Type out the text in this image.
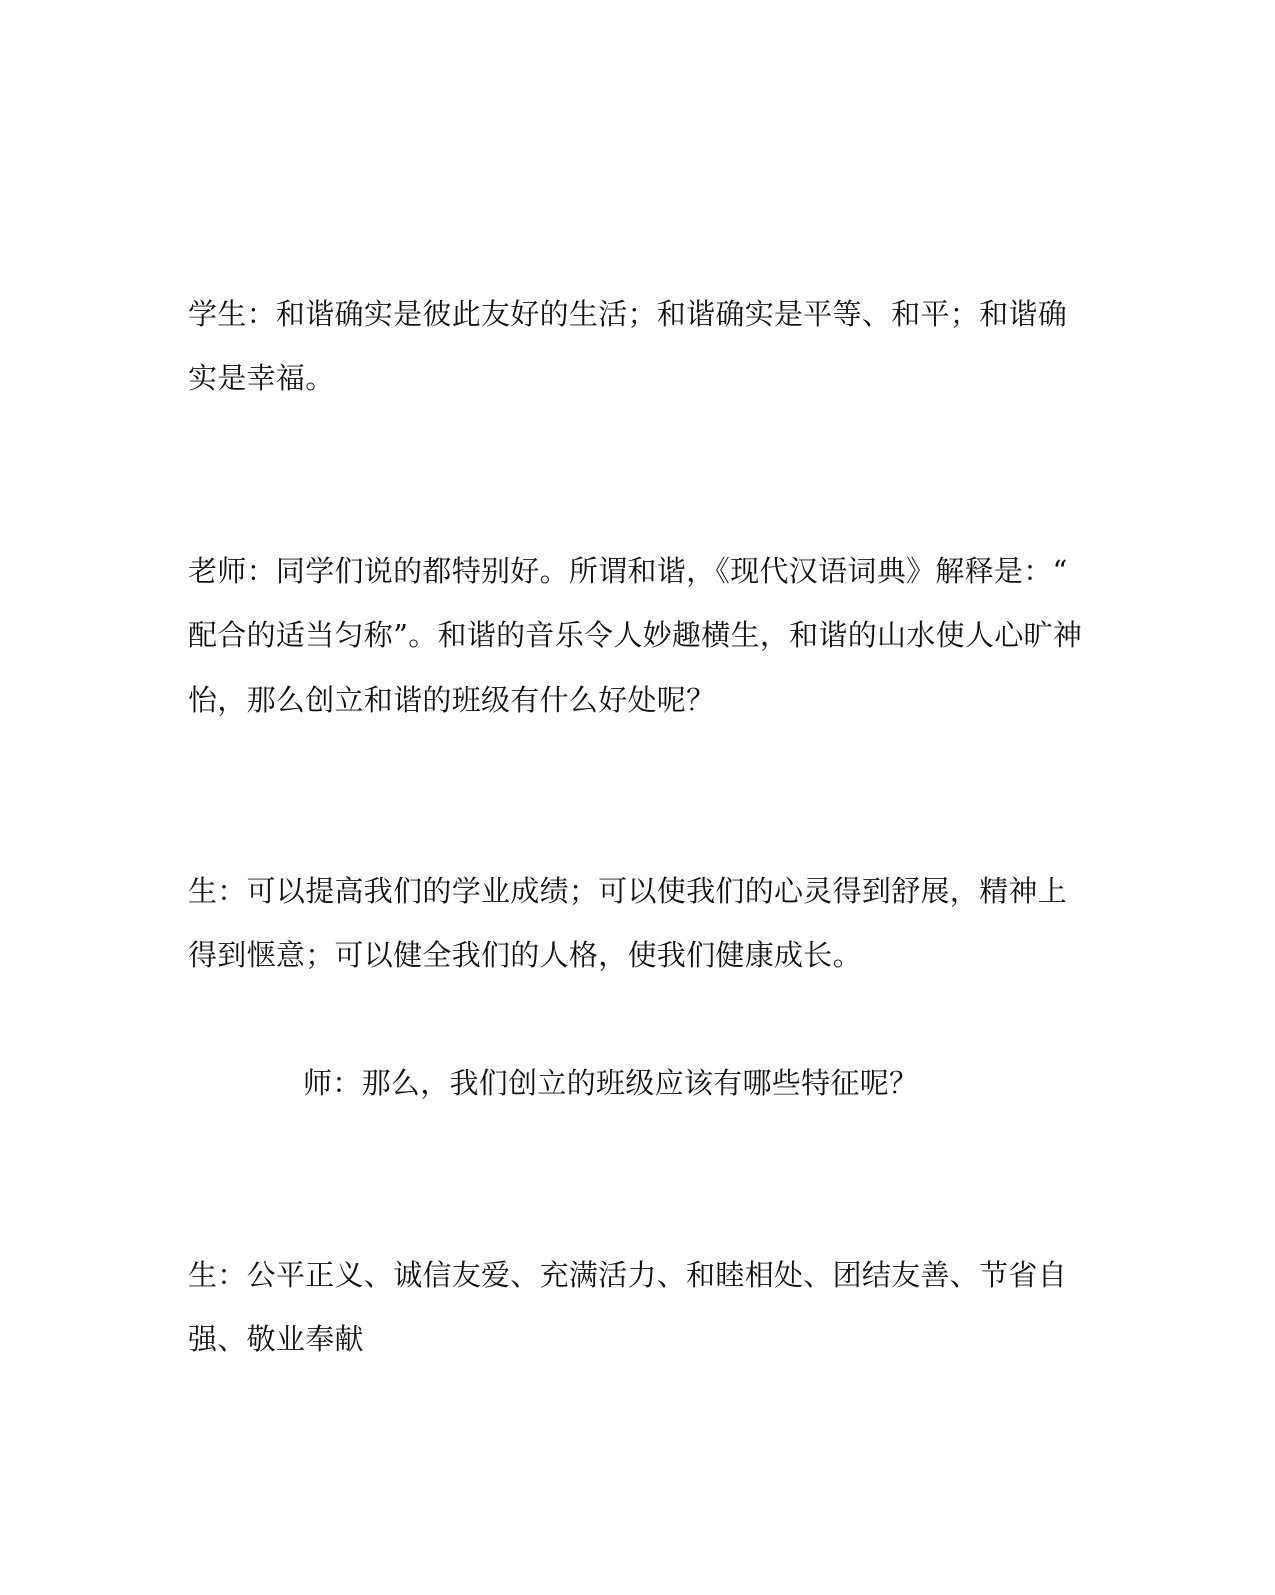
学生：和谐确实是彼此友好的生活；和谐确实是平等、和平；和谐确
实是幸福。
老师：同学们说的都特别好。所谓和谐，《现代汉语词典》解释是：“
配合的适当匀称”。和谐的音乐令人妙趣横生，和谐的山水使人心旷神
怡，那么创立和谐的班级有什么好处呢？
生：可以提高我们的学业成绩；可以使我们的心灵得到舒展，精神上
得到惬意；可以健全我们的人格，使我们健康成长。
师：那么，我们创立的班级应该有哪些特征呢？
生：公平正义、诚信友爱、充满活力、和睦相处、团结友善、节省自
强、敬业奉献
